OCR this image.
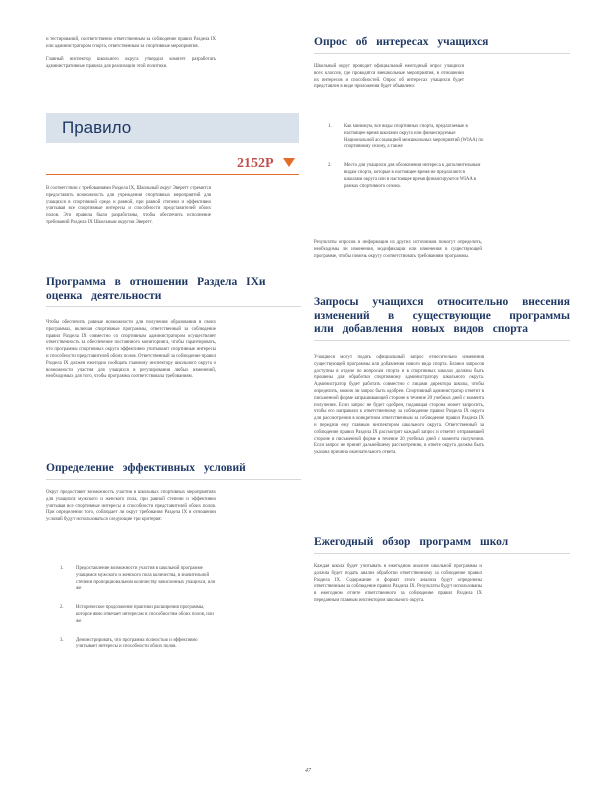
и тестирований, соответственно ответственным за соблюдение правил Раздела IX или администратором спорта, ответственным за спортивные мероприятия.

Главный инспектор школьного округа утвердил комитет разработать административные правила для реализации этой политики.

Правило
2152P

В соответствии с требованиями Раздела IX, Школьный округ Эверетт стремится предоставить возможность для учреждения спортивных мероприятий для учащихся в спортивной среде и равной, при равной степени и эффективно учитывая все спортивные интересы и способности представителей обоих полов. Эти правила были разработаны, чтобы обеспечить исполнение требований Раздела IX Школьным округом Эверетт.

Программа в отношении Раздела IXи оценка деятельности

Чтобы обеспечить равные возможности для получения образования в своих программах, включая спортивные программы, ответственный за соблюдение правил Раздела IX совместно со спортивным администратором осуществляет ответственность за обеспечение постоянного мониторинга, чтобы гарантировать, что программы спортивных округа эффективно учитывают спортивные интересы и способности представителей обоих полов. Ответственный за соблюдение правил Раздела IX должен ежегодно сообщать главному инспектору школьного округа о возможности участия для учащихся в регулирования любых изменений, необходимых для того, чтобы программа соответствовала требованиям.

Определение эффективных условий

Округ предоставит возможность участия в школьных спортивных мероприятиях для учащихся мужского и женского пола, при равной степени и эффективно учитывая все спортивные интересы и способности представителей обоих полов. При определении того, соблюдает ли округ требования Раздела IX в отношении условий будут использоваться следующие три критерия:

1.	Предоставление возможности участия в школьной программе учащимся мужского и женского пола количества, в значительной степени пропорциональном количеству зачисленных учащихся, или же
2.	Историческое продолжение практики расширения программы, которое явно отвечает интересам и способностям обоих полов, или же
3.	Демонстрировать, что программа полностью и эффективно учитывает интересы и способности обоих полов.
Опрос об интересах учащихся

Школьный округ проводит официальный ежегодный опрос учащихся всех классов, где проводятся внешкольные мероприятия, в отношении их интересов и способностей. Опрос об интересах учащихся будет представлен в виде приложения будет объявлено:

1.	Как минимум, все виды спортивных спорта, предлагаемые в настоящее время школами округа или финансируемые Национальной ассоциацией межшкольных мероприятий (WIAA) по спортивному сезону, а также
2.	Место для учащихся для обозначения интереса к дополнительным видам спорта, которые в настоящее время не предлагаются школами округа или в настоящее время финансируются WIAA в рамках спортивного сезона.

Результаты опросов и информация из других источников помогут определить, необходимы ли изменения, модификации или изменения в существующей программе, чтобы помочь округу соответствовать требованиям программы.

Запросы учащихся относительно внесения изменений в существующие программы или добавления новых видов спорта

Учащиеся могут подать официальный запрос относительно изменения существующей программы или добавления нового вида спорта. Бланки запросов доступны в отделе по вопросам спорта и в спортивных школах должны быть прошены для обработки спортивному администратору школьного округа. Администратор будет работать совместно с лицами директора школы, чтобы определить, можно ли запрос быть одобрен. Спортивный администратор ответит в письменной форме запрашивающей стороне в течение 20 учебных дней с момента получения. Если запрос не будет одобрен, подающая сторона может запросить, чтобы его направили к ответственному за соблюдение правил Раздела IX округа для рассмотрения в конкретном ответственным за соблюдение правил Раздела IX и передачи ему главным инспектором школьного округа. Ответственный за соблюдение правил Раздела IX рассмотрит каждый запрос и ответит отправившей стороне в письменной форме в течение 20 учебных дней с момента получения. Если запрос не принят дальнейшему рассмотрению, в ответе округа должна быть указана причина окончательного ответа.

Ежегодный обзор программ школ

Каждая школа будет учитывать в ежегодном анализе школьной программы и должна будет подать анализ обработки ответственному за соблюдение правил Раздела IX. Содержание и формат этого анализа будут определены ответственным за соблюдение правил Раздела IX. Результаты будут использованы в ежегодном отчете ответственного за соблюдение правил Раздела IX переданным главным инспектором школьного округа.

47
